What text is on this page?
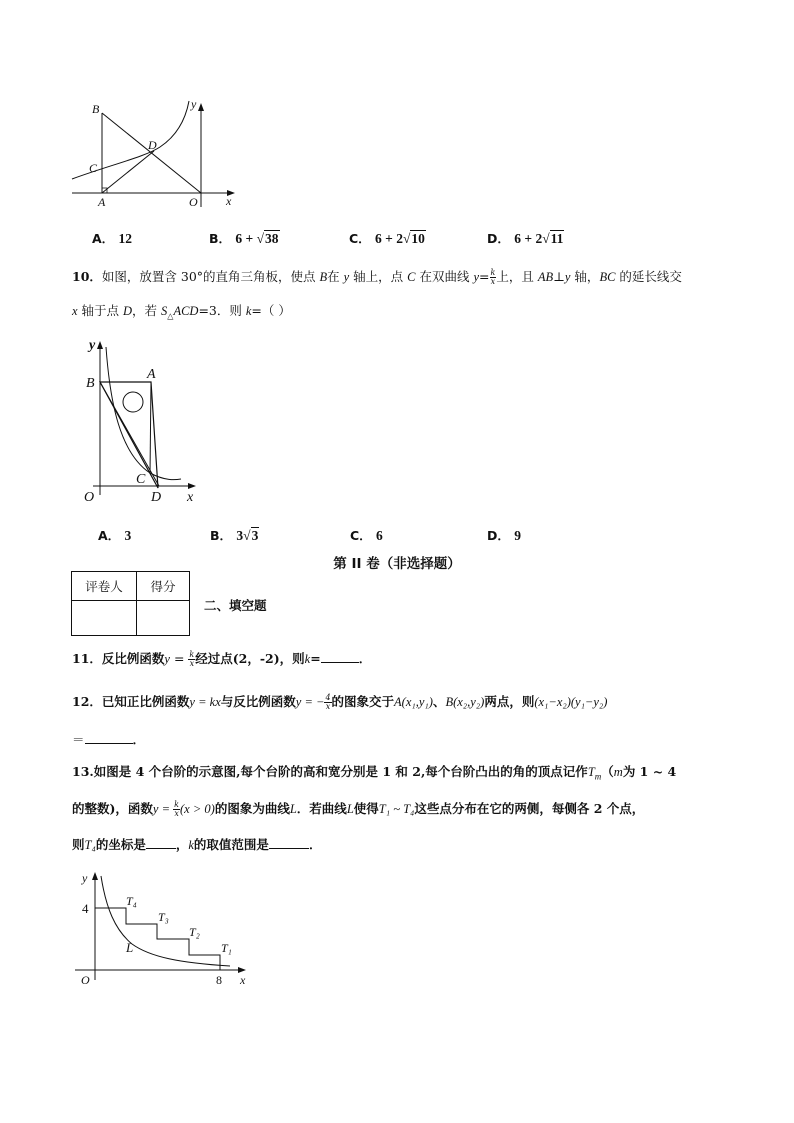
B
C
D
A	O x
y
A． 12	B． 6 + √38	C． 6 + 2√10	D． 6 + 2√11
10．如图，放置含 30°的直角三角板，使点 B在 y 轴上，点 C 在双曲线 $y= \frac{k}{x}$ 上，且 AB⊥y 轴，BC 的延长线交
x 轴于点 D，若 $S_\triangle ACD=3$．则 k=（ ）
y
B
A
C
O	D x
A． 3	B． 3√3	C． 6	D． 9
第 II 卷（非选择题）
评卷人	得分

二、填空题
11．反比例函数$y = \frac{k}{x}$ 经过点(2，-2)，则k=	．
12．已知正比例函数y = kx与反比例函数y = − $\frac{4}{x}$ 的图象交于A(x₁,y₁)、B(x₂,y₂)两点，则(x₁−x₂)(y₁−y₂)
＝	．
13.如图是 4 个台阶的示意图,每个台阶的高和宽分别是 1 和 2,每个台阶凸出的角的顶点记作$T_m(m$为 1 ~ 4
的整数)，函数$y = \frac{k}{x} (x > 0)$的图象为曲线L．若曲线L使得T₁ ~ T₄这些点分布在它的两侧，每侧各 2 个点，
则T₄的坐标是 ，k的取值范围是	．
y
4	T₄
T₃
T₂
T₁
L
O	8 x
